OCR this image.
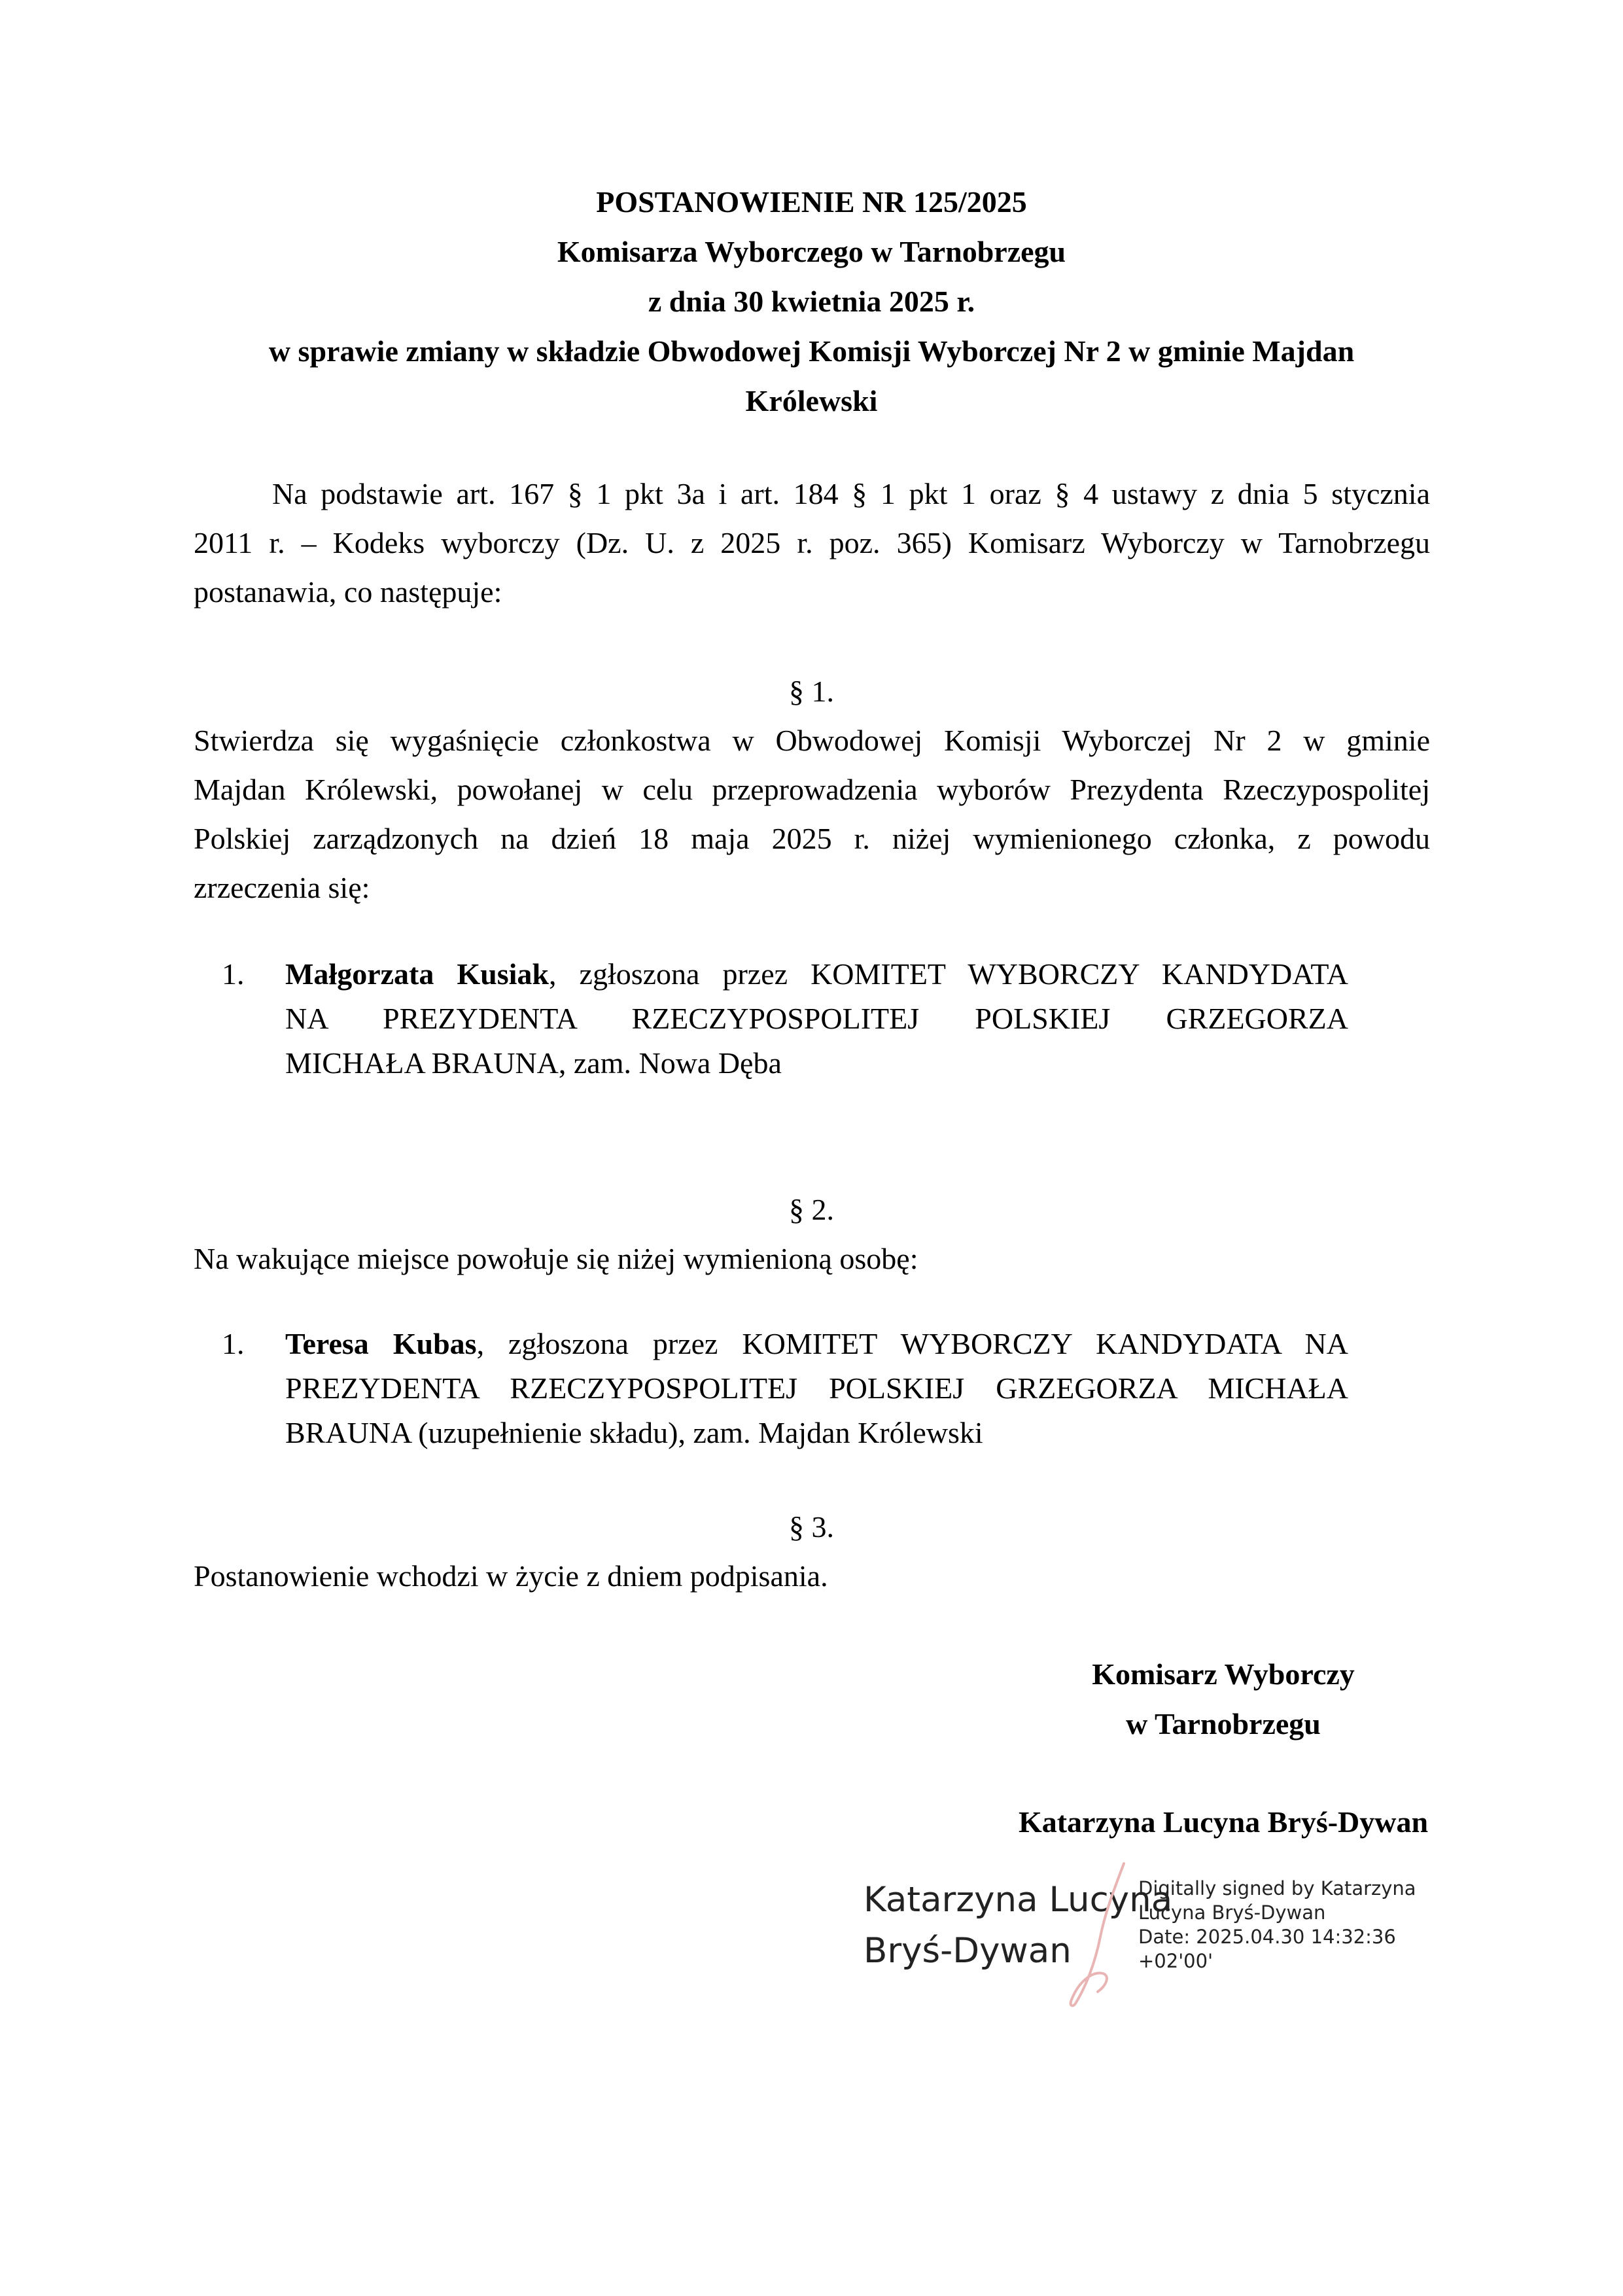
POSTANOWIENIE NR 125/2025

Komisarza Wyborczego w Tarnobrzegu

z dnia 30 kwietnia 2025 r.

w sprawie zmiany w składzie Obwodowej Komisji Wyborczej Nr 2 w gminie Majdan

Królewski

Na podstawie art. 167 § 1 pkt 3a i art. 184 § 1 pkt 1 oraz § 4 ustawy z dnia 5 stycznia

2011 r. – Kodeks wyborczy (Dz. U. z 2025 r. poz. 365) Komisarz Wyborczy w Tarnobrzegu

postanawia, co następuje:

§ 1.

Stwierdza się wygaśnięcie członkostwa w Obwodowej Komisji Wyborczej Nr 2 w gminie

Majdan Królewski, powołanej w celu przeprowadzenia wyborów Prezydenta Rzeczypospolitej

Polskiej zarządzonych na dzień 18 maja 2025 r. niżej wymienionego członka, z powodu

zrzeczenia się:

1. Małgorzata Kusiak, zgłoszona przez KOMITET WYBORCZY KANDYDATA

NA PREZYDENTA RZECZYPOSPOLITEJ POLSKIEJ GRZEGORZA

MICHAŁA BRAUNA, zam. Nowa Dęba

§ 2.

Na wakujące miejsce powołuje się niżej wymienioną osobę:

1. Teresa Kubas, zgłoszona przez KOMITET WYBORCZY KANDYDATA NA

PREZYDENTA RZECZYPOSPOLITEJ POLSKIEJ GRZEGORZA MICHAŁA

BRAUNA (uzupełnienie składu), zam. Majdan Królewski

§ 3.

Postanowienie wchodzi w życie z dniem podpisania.

Komisarz Wyborczy

w Tarnobrzegu

Katarzyna Lucyna Bryś-Dywan

Katarzyna Lucyna
Bryś-Dywan
Digitally signed by Katarzyna
Lucyna Bryś-Dywan
Date: 2025.04.30 14:32:36
+02'00'
